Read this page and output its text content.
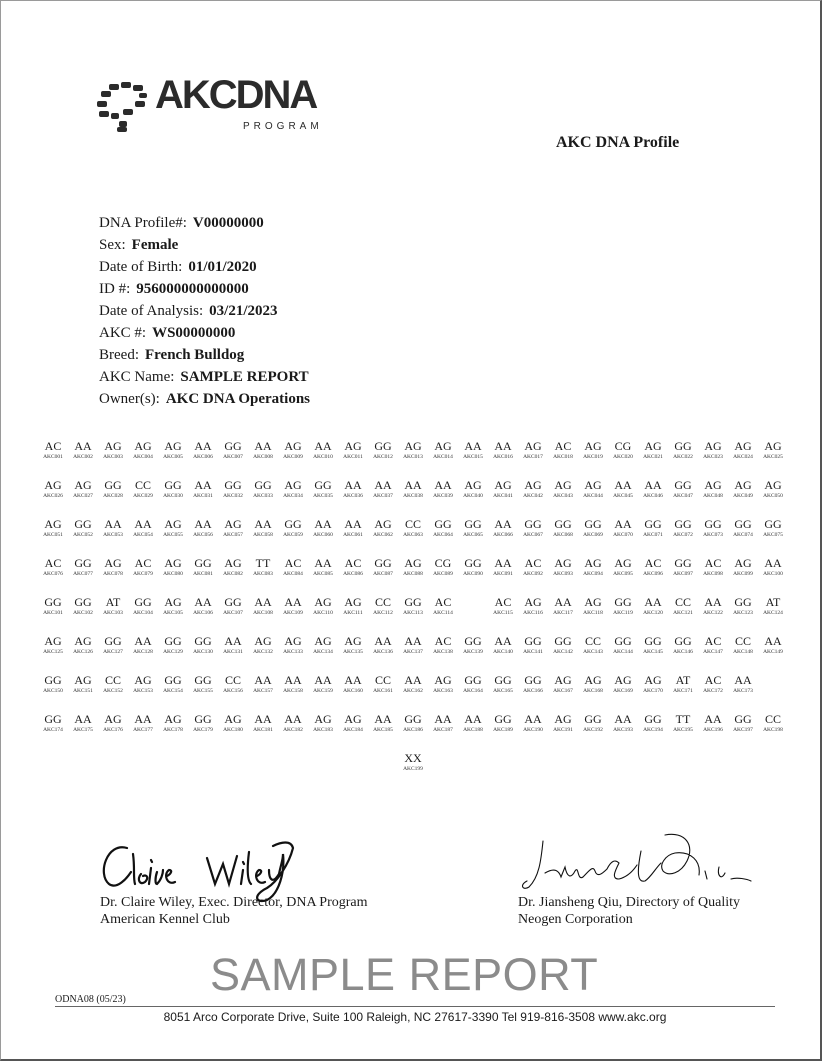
AKCDNA
PROGRAM
AKC DNA Profile
DNA Profile#: V00000000
Sex: Female
Date of Birth: 01/01/2020
ID #: 956000000000000
Date of Analysis: 03/21/2023
AKC #: WS00000000
Breed: French Bulldog
AKC Name: SAMPLE REPORT
Owner(s): AKC DNA Operations
AC
AKC001
AA
AKC002
AG
AKC003
AG
AKC004
AG
AKC005
AA
AKC006
GG
AKC007
AA
AKC008
AG
AKC009
AA
AKC010
AG
AKC011
GG
AKC012
AG
AKC013
AG
AKC014
AA
AKC015
AA
AKC016
AG
AKC017
AC
AKC018
AG
AKC019
CG
AKC020
AG
AKC021
GG
AKC022
AG
AKC023
AG
AKC024
AG
AKC025
AG
AKC026
AG
AKC027
GG
AKC028
CC
AKC029
GG
AKC030
AA
AKC031
GG
AKC032
GG
AKC033
AG
AKC034
GG
AKC035
AA
AKC036
AA
AKC037
AA
AKC038
AA
AKC039
AG
AKC040
AG
AKC041
AG
AKC042
AG
AKC043
AG
AKC044
AA
AKC045
AA
AKC046
GG
AKC047
AG
AKC048
AG
AKC049
AG
AKC050
AG
AKC051
GG
AKC052
AA
AKC053
AA
AKC054
AG
AKC055
AA
AKC056
AG
AKC057
AA
AKC058
GG
AKC059
AA
AKC060
AA
AKC061
AG
AKC062
CC
AKC063
GG
AKC064
GG
AKC065
AA
AKC066
GG
AKC067
GG
AKC068
GG
AKC069
AA
AKC070
GG
AKC071
GG
AKC072
GG
AKC073
GG
AKC074
GG
AKC075
AC
AKC076
GG
AKC077
AG
AKC078
AC
AKC079
AG
AKC080
GG
AKC081
AG
AKC082
TT
AKC083
AC
AKC084
AA
AKC085
AC
AKC086
GG
AKC087
AG
AKC088
CG
AKC089
GG
AKC090
AA
AKC091
AC
AKC092
AG
AKC093
AG
AKC094
AG
AKC095
AC
AKC096
GG
AKC097
AC
AKC098
AG
AKC099
AA
AKC100
GG
AKC101
GG
AKC102
AT
AKC103
GG
AKC104
AG
AKC105
AA
AKC106
GG
AKC107
AA
AKC108
AA
AKC109
AG
AKC110
AG
AKC111
CC
AKC112
GG
AKC113
AC
AKC114
AC
AKC115
AG
AKC116
AA
AKC117
AG
AKC118
GG
AKC119
AA
AKC120
CC
AKC121
AA
AKC122
GG
AKC123
AT
AKC124
AG
AKC125
AG
AKC126
GG
AKC127
AA
AKC128
GG
AKC129
GG
AKC130
AA
AKC131
AG
AKC132
AG
AKC133
AG
AKC134
AG
AKC135
AA
AKC136
AA
AKC137
AC
AKC138
GG
AKC139
AA
AKC140
GG
AKC141
GG
AKC142
CC
AKC143
GG
AKC144
GG
AKC145
GG
AKC146
AC
AKC147
CC
AKC148
AA
AKC149
GG
AKC150
AG
AKC151
CC
AKC152
AG
AKC153
GG
AKC154
GG
AKC155
CC
AKC156
AA
AKC157
AA
AKC158
AA
AKC159
AA
AKC160
CC
AKC161
AA
AKC162
AG
AKC163
GG
AKC164
GG
AKC165
GG
AKC166
AG
AKC167
AG
AKC168
AG
AKC169
AG
AKC170
AT
AKC171
AC
AKC172
AA
AKC173
GG
AKC174
AA
AKC175
AG
AKC176
AA
AKC177
AG
AKC178
GG
AKC179
AG
AKC180
AA
AKC181
AA
AKC182
AG
AKC183
AG
AKC184
AA
AKC185
GG
AKC186
AA
AKC187
AA
AKC188
GG
AKC189
AA
AKC190
AG
AKC191
GG
AKC192
AA
AKC193
GG
AKC194
TT
AKC195
AA
AKC196
GG
AKC197
CC
AKC198
XX
AKC199
Dr. Claire Wiley, Exec. Director, DNA Program
American Kennel Club
Dr. Jiansheng Qiu, Directory of Quality
Neogen Corporation
SAMPLE REPORT
ODNA08 (05/23)
8051 Arco Corporate Drive, Suite 100 Raleigh, NC 27617-3390 Tel 919-816-3508 www.akc.org
